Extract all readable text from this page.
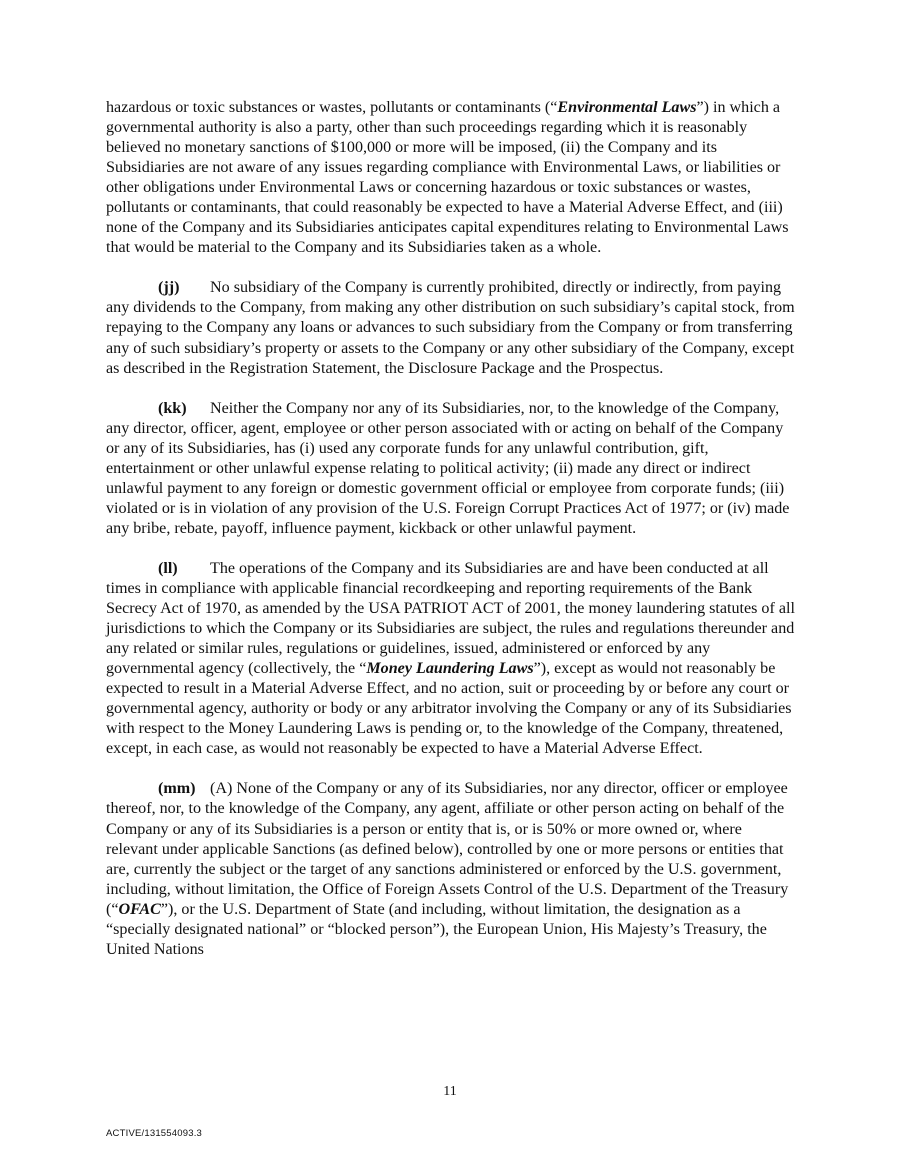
hazardous or toxic substances or wastes, pollutants or contaminants (“Environmental Laws”) in which a governmental authority is also a party, other than such proceedings regarding which it is reasonably believed no monetary sanctions of $100,000 or more will be imposed, (ii) the Company and its Subsidiaries are not aware of any issues regarding compliance with Environmental Laws, or liabilities or other obligations under Environmental Laws or concerning hazardous or toxic substances or wastes, pollutants or contaminants, that could reasonably be expected to have a Material Adverse Effect, and (iii) none of the Company and its Subsidiaries anticipates capital expenditures relating to Environmental Laws that would be material to the Company and its Subsidiaries taken as a whole.

(jj) No subsidiary of the Company is currently prohibited, directly or indirectly, from paying any dividends to the Company, from making any other distribution on such subsidiary’s capital stock, from repaying to the Company any loans or advances to such subsidiary from the Company or from transferring any of such subsidiary’s property or assets to the Company or any other subsidiary of the Company, except as described in the Registration Statement, the Disclosure Package and the Prospectus.

(kk) Neither the Company nor any of its Subsidiaries, nor, to the knowledge of the Company, any director, officer, agent, employee or other person associated with or acting on behalf of the Company or any of its Subsidiaries, has (i) used any corporate funds for any unlawful contribution, gift, entertainment or other unlawful expense relating to political activity; (ii) made any direct or indirect unlawful payment to any foreign or domestic government official or employee from corporate funds; (iii) violated or is in violation of any provision of the U.S. Foreign Corrupt Practices Act of 1977; or (iv) made any bribe, rebate, payoff, influence payment, kickback or other unlawful payment.

(ll) The operations of the Company and its Subsidiaries are and have been conducted at all times in compliance with applicable financial recordkeeping and reporting requirements of the Bank Secrecy Act of 1970, as amended by the USA PATRIOT ACT of 2001, the money laundering statutes of all jurisdictions to which the Company or its Subsidiaries are subject, the rules and regulations thereunder and any related or similar rules, regulations or guidelines, issued, administered or enforced by any governmental agency (collectively, the “Money Laundering Laws”), except as would not reasonably be expected to result in a Material Adverse Effect, and no action, suit or proceeding by or before any court or governmental agency, authority or body or any arbitrator involving the Company or any of its Subsidiaries with respect to the Money Laundering Laws is pending or, to the knowledge of the Company, threatened, except, in each case, as would not reasonably be expected to have a Material Adverse Effect.

(mm) (A) None of the Company or any of its Subsidiaries, nor any director, officer or employee thereof, nor, to the knowledge of the Company, any agent, affiliate or other person acting on behalf of the Company or any of its Subsidiaries is a person or entity that is, or is 50% or more owned or, where relevant under applicable Sanctions (as defined below), controlled by one or more persons or entities that are, currently the subject or the target of any sanctions administered or enforced by the U.S. government, including, without limitation, the Office of Foreign Assets Control of the U.S. Department of the Treasury (“OFAC”), or the U.S. Department of State (and including, without limitation, the designation as a “specially designated national” or “blocked person”), the European Union, His Majesty’s Treasury, the United Nations

11
ACTIVE/131554093.3
